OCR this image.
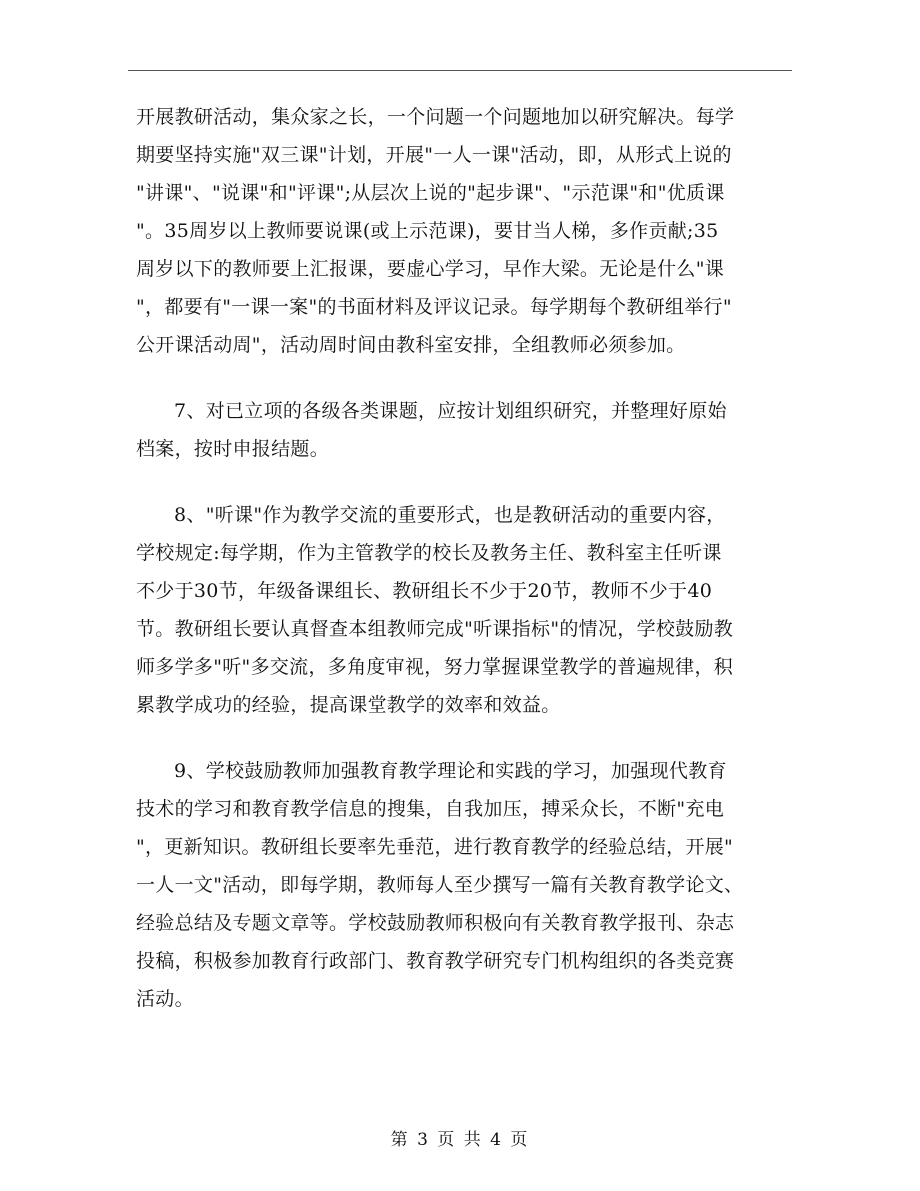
开展教研活动，集众家之长，一个问题一个问题地加以研究解决。每学
期要坚持实施"双三课"计划，开展"一人一课"活动，即，从形式上说的
"讲课"、"说课"和"评课";从层次上说的"起步课"、"示范课"和"优质课
"。35周岁以上教师要说课(或上示范课)，要甘当人梯，多作贡献;35
周岁以下的教师要上汇报课，要虚心学习，早作大梁。无论是什么"课
"，都要有"一课一案"的书面材料及评议记录。每学期每个教研组举行"
公开课活动周"，活动周时间由教科室安排，全组教师必须参加。
7、对已立项的各级各类课题，应按计划组织研究，并整理好原始
档案，按时申报结题。
8、"听课"作为教学交流的重要形式，也是教研活动的重要内容，
学校规定:每学期，作为主管教学的校长及教务主任、教科室主任听课
不少于30节，年级备课组长、教研组长不少于20节，教师不少于40
节。教研组长要认真督查本组教师完成"听课指标"的情况，学校鼓励教
师多学多"听"多交流，多角度审视，努力掌握课堂教学的普遍规律，积
累教学成功的经验，提高课堂教学的效率和效益。
9、学校鼓励教师加强教育教学理论和实践的学习，加强现代教育
技术的学习和教育教学信息的搜集，自我加压，搏采众长，不断"充电
"，更新知识。教研组长要率先垂范，进行教育教学的经验总结，开展"
一人一文"活动，即每学期，教师每人至少撰写一篇有关教育教学论文、
经验总结及专题文章等。学校鼓励教师积极向有关教育教学报刊、杂志
投稿，积极参加教育行政部门、教育教学研究专门机构组织的各类竞赛
活动。
第 3 页 共 4 页
